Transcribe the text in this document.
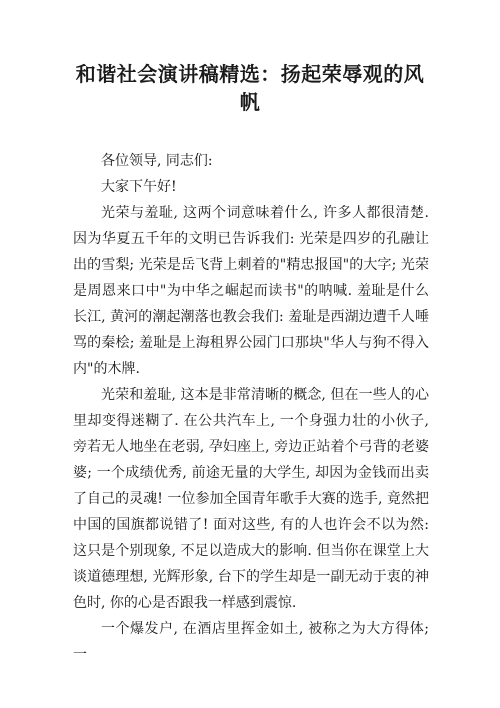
和谐社会演讲稿精选：扬起荣辱观的风帆

各位领导, 同志们:

大家下午好!

光荣与羞耻, 这两个词意味着什么, 许多人都很清楚. 因为华夏五千年的文明已告诉我们: 光荣是四岁的孔融让出的雪梨; 光荣是岳飞背上刺着的"精忠报国"的大字; 光荣是周恩来口中"为中华之崛起而读书"的呐喊. 羞耻是什么　长江, 黄河的潮起潮落也教会我们: 羞耻是西湖边遭千人唾骂的秦桧; 羞耻是上海租界公园门口那块"华人与狗不得入内"的木牌.

光荣和羞耻, 这本是非常清晰的概念, 但在一些人的心里却变得迷糊了. 在公共汽车上, 一个身强力壮的小伙子, 旁若无人地坐在老弱, 孕妇座上, 旁边正站着个弓背的老婆婆; 一个成绩优秀, 前途无量的大学生, 却因为金钱而出卖了自己的灵魂! 一位参加全国青年歌手大赛的选手, 竟然把中国的国旗都说错了! 面对这些, 有的人也许会不以为然: 这只是个别现象, 不足以造成大的影响. 但当你在课堂上大谈道德理想, 光辉形象, 台下的学生却是一副无动于衷的神色时, 你的心是否跟我一样感到震惊.

一个爆发户, 在酒店里挥金如土, 被称之为大方得体; 一
